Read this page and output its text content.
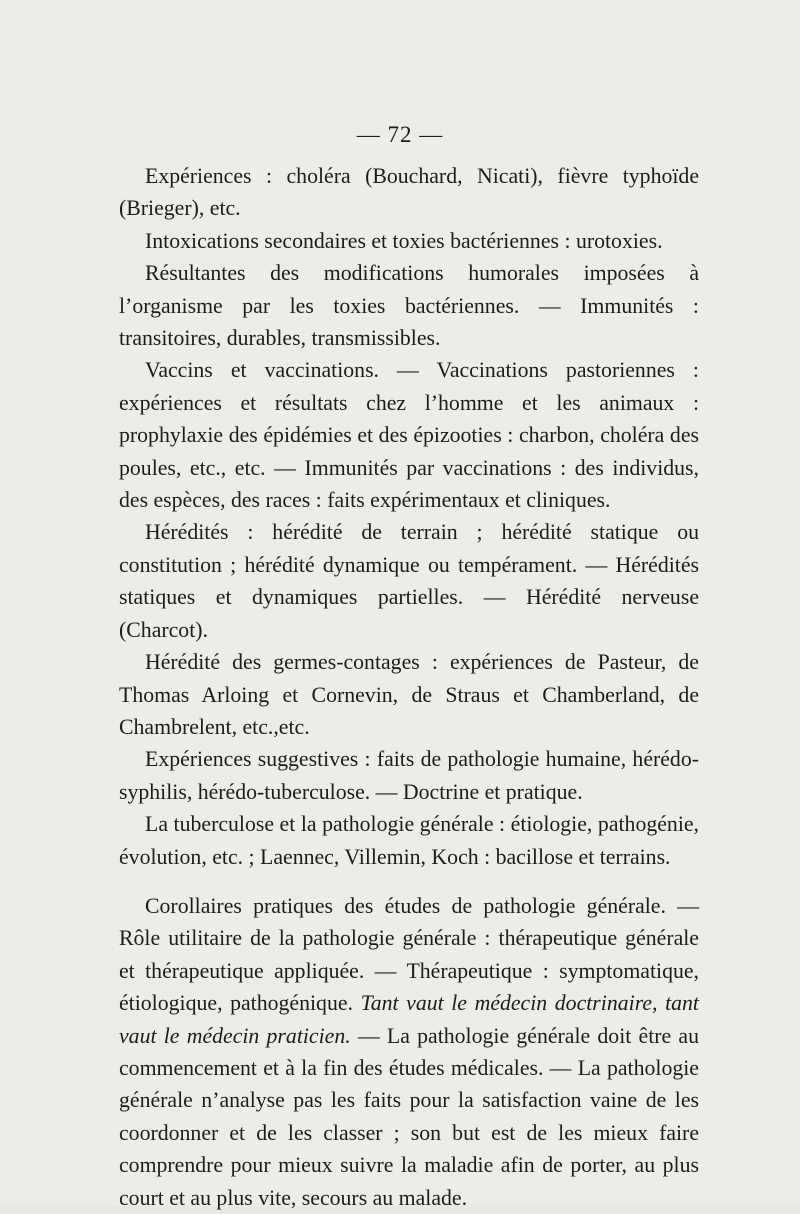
— 72 —

Expériences : choléra (Bouchard, Nicati), fièvre typhoïde (Brieger), etc.

Intoxications secondaires et toxies bactériennes : urotoxies.

Résultantes des modifications humorales imposées à l’organisme par les toxies bactériennes. — Immunités : transitoires, durables, transmissibles.

Vaccins et vaccinations. — Vaccinations pastoriennes : expériences et résultats chez l’homme et les animaux : prophylaxie des épidémies et des épizooties : charbon, choléra des poules, etc., etc. — Immunités par vaccinations : des individus, des espèces, des races : faits expérimentaux et cliniques.

Hérédités : hérédité de terrain ; hérédité statique ou constitution ; hérédité dynamique ou tempérament. — Hérédités statiques et dynamiques partielles. — Hérédité nerveuse (Charcot).

Hérédité des germes-contages : expériences de Pasteur, de Thomas Arloing et Cornevin, de Straus et Chamberland, de Chambrelent, etc.,etc.

Expériences suggestives : faits de pathologie humaine, hérédo-syphilis, hérédo-tuberculose. — Doctrine et pratique.

La tuberculose et la pathologie générale : étiologie, pathogénie, évolution, etc. ; Laennec, Villemin, Koch : bacillose et terrains.

Corollaires pratiques des études de pathologie générale. — Rôle utilitaire de la pathologie générale : thérapeutique générale et thérapeutique appliquée. — Thérapeutique : symptomatique, étiologique, pathogénique. Tant vaut le médecin doctrinaire, tant vaut le médecin praticien. — La pathologie générale doit être au commencement et à la fin des études médicales. — La pathologie générale n’analyse pas les faits pour la satisfaction vaine de les coordonner et de les classer ; son but est de les mieux faire comprendre pour mieux suivre la maladie afin de porter, au plus court et au plus vite, secours au malade.
